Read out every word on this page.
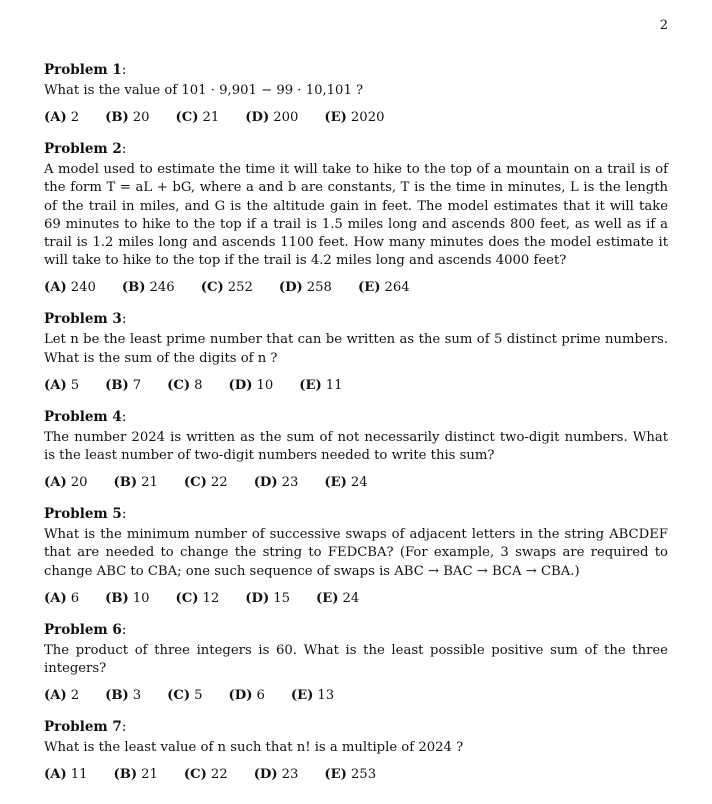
2
Problem 1:

What is the value of 101 · 9,901 − 99 · 10,101 ?

(A) 2 (B) 20 (C) 21 (D) 200 (E) 2020
Problem 2:

A model used to estimate the time it will take to hike to the top of a mountain on a trail is of the form T = aL + bG, where a and b are constants, T is the time in minutes, L is the length of the trail in miles, and G is the altitude gain in feet. The model estimates that it will take 69 minutes to hike to the top if a trail is 1.5 miles long and ascends 800 feet, as well as if a trail is 1.2 miles long and ascends 1100 feet. How many minutes does the model estimate it will take to hike to the top if the trail is 4.2 miles long and ascends 4000 feet?

(A) 240 (B) 246 (C) 252 (D) 258 (E) 264
Problem 3:

Let n be the least prime number that can be written as the sum of 5 distinct prime numbers. What is the sum of the digits of n ?

(A) 5 (B) 7 (C) 8 (D) 10 (E) 11
Problem 4:

The number 2024 is written as the sum of not necessarily distinct two-digit numbers. What is the least number of two-digit numbers needed to write this sum?

(A) 20 (B) 21 (C) 22 (D) 23 (E) 24
Problem 5:

What is the minimum number of successive swaps of adjacent letters in the string ABCDEF that are needed to change the string to FEDCBA? (For example, 3 swaps are required to change ABC to CBA; one such sequence of swaps is ABC → BAC → BCA → CBA.)

(A) 6 (B) 10 (C) 12 (D) 15 (E) 24
Problem 6:

The product of three integers is 60. What is the least possible positive sum of the three integers?

(A) 2 (B) 3 (C) 5 (D) 6 (E) 13
Problem 7:

What is the least value of n such that n! is a multiple of 2024 ?

(A) 11 (B) 21 (C) 22 (D) 23 (E) 253
